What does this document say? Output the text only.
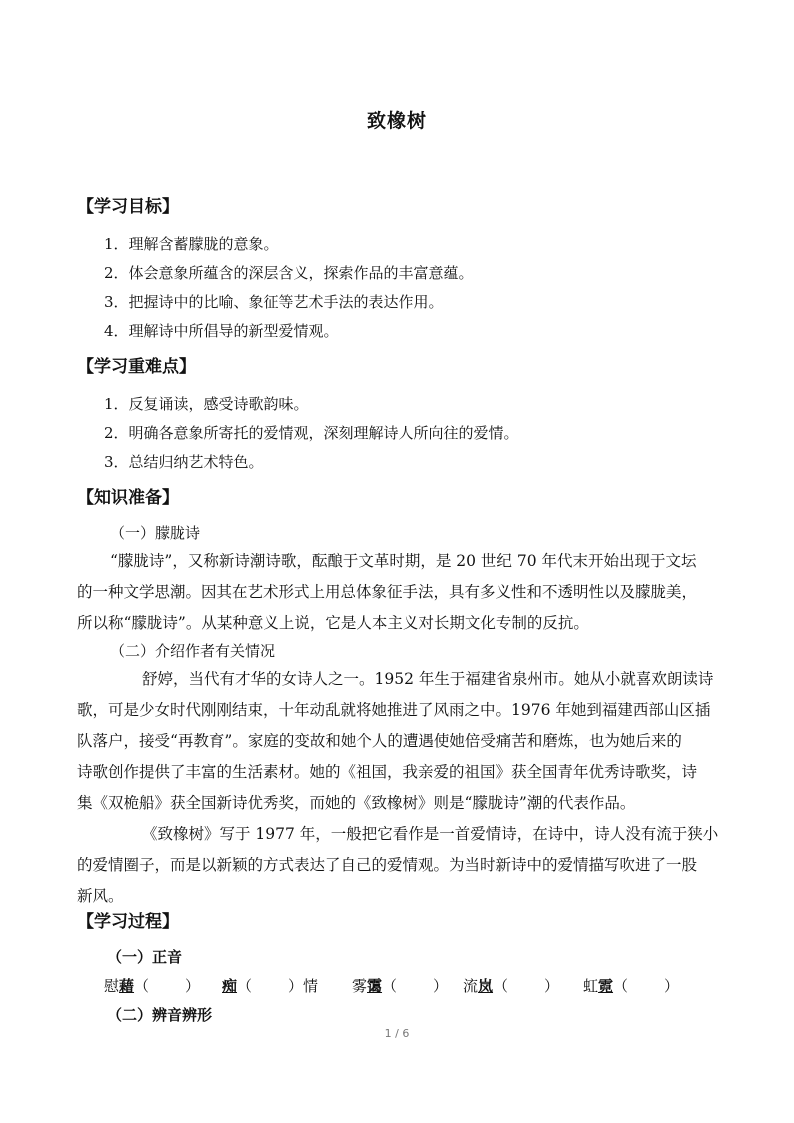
致橡树
【学习目标】
1．理解含蓄朦胧的意象。
2．体会意象所蕴含的深层含义，探索作品的丰富意蕴。
3．把握诗中的比喻、象征等艺术手法的表达作用。
4．理解诗中所倡导的新型爱情观。
【学习重难点】
1．反复诵读，感受诗歌韵味。
2．明确各意象所寄托的爱情观，深刻理解诗人所向往的爱情。
3．总结归纳艺术特色。
【知识准备】
（一）朦胧诗
“朦胧诗”，又称新诗潮诗歌，酝酿于文革时期，是 20 世纪 70 年代末开始出现于文坛
的一种文学思潮。因其在艺术形式上用总体象征手法，具有多义性和不透明性以及朦胧美，
所以称“朦胧诗”。从某种意义上说，它是人本主义对长期文化专制的反抗。
（二）介绍作者有关情况
舒婷，当代有才华的女诗人之一。1952 年生于福建省泉州市。她从小就喜欢朗读诗
歌，可是少女时代刚刚结束，十年动乱就将她推进了风雨之中。1976 年她到福建西部山区插
队落户，接受“再教育”。家庭的变故和她个人的遭遇使她倍受痛苦和磨炼，也为她后来的
诗歌创作提供了丰富的生活素材。她的《祖国，我亲爱的祖国》获全国青年优秀诗歌奖，诗
集《双桅船》获全国新诗优秀奖，而她的《致橡树》则是“朦胧诗”潮的代表作品。
《致橡树》写于 1977 年，一般把它看作是一首爱情诗，在诗中，诗人没有流于狭小
的爱情圈子，而是以新颖的方式表达了自己的爱情观。为当时新诗中的爱情描写吹进了一股
新风。
【学习过程】
（一）正音
慰藉（ ） 痴（ ）情 雾霭（ ） 流岚（ ） 虹霓（ ）
（二）辨音辨形
1 / 6
